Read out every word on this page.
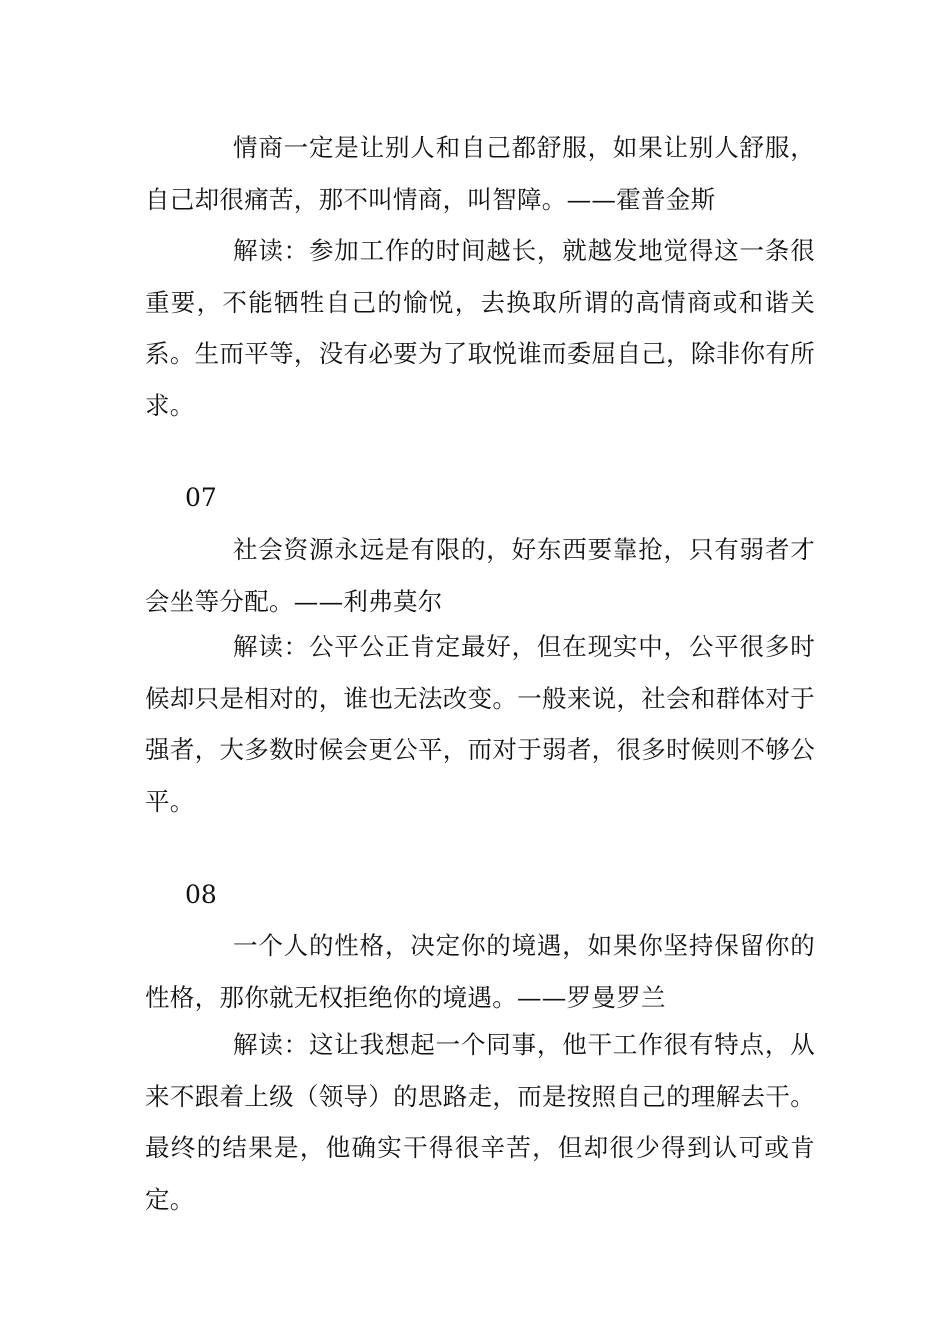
情商一定是让别人和自己都舒服，如果让别人舒服，自己却很痛苦，那不叫情商，叫智障。——霍普金斯

解读：参加工作的时间越长，就越发地觉得这一条很重要，不能牺牲自己的愉悦，去换取所谓的高情商或和谐关系。生而平等，没有必要为了取悦谁而委屈自己，除非你有所求。

07

社会资源永远是有限的，好东西要靠抢，只有弱者才会坐等分配。——利弗莫尔

解读：公平公正肯定最好，但在现实中，公平很多时候却只是相对的，谁也无法改变。一般来说，社会和群体对于强者，大多数时候会更公平，而对于弱者，很多时候则不够公平。

08

一个人的性格，决定你的境遇，如果你坚持保留你的性格，那你就无权拒绝你的境遇。——罗曼罗兰

解读：这让我想起一个同事，他干工作很有特点，从来不跟着上级（领导）的思路走，而是按照自己的理解去干。最终的结果是，他确实干得很辛苦，但却很少得到认可或肯定。
